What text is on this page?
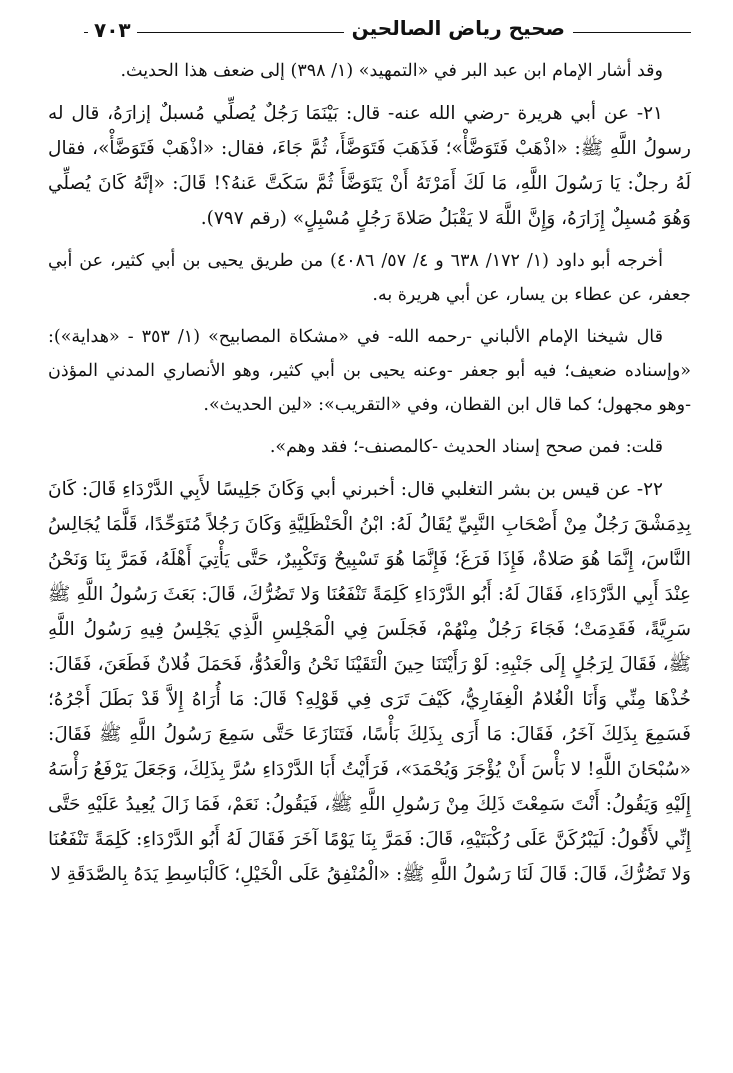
صحيح رياض الصالحين
٧٠٣

وقد أشار الإمام ابن عبد البر في «التمهيد» (١/ ٣٩٨) إلى ضعف هذا الحديث.

٢١- عن أبي هريرة -رضي الله عنه- قال: بَيْنَمَا رَجُلٌ يُصلِّي مُسبلٌ إزارَهُ، قال له رسولُ اللَّهِ ﷺ: «اذْهَبْ فَتَوَضَّأْ»؛ فَذَهَبَ فَتَوَضَّأَ، ثُمَّ جَاءَ، فقال: «اذْهَبْ فَتَوَضَّأْ»، فقال لَهُ رجلٌ: يَا رَسُولَ اللَّهِ، مَا لَكَ أَمَرْتَهُ أَنْ يَتَوَضَّأَ ثُمَّ سَكَتَّ عَنهُ؟! قَالَ: «إنَّهُ كَانَ يُصلِّي وَهُوَ مُسبِلٌ إِزَارَهُ، وَإِنَّ اللَّهَ لا يَقْبَلُ صَلاةَ رَجُلٍ مُسْبِلٍ» (رقم ٧٩٧).

أخرجه أبو داود (١/ ١٧٢/ ٦٣٨ و ٤/ ٥٧/ ٤٠٨٦) من طريق يحيى بن أبي كثير، عن أبي جعفر، عن عطاء بن يسار، عن أبي هريرة به.

قال شيخنا الإمام الألباني -رحمه الله- في «مشكاة المصابيح» (١/ ٣٥٣ - «هداية»): «وإسناده ضعيف؛ فيه أبو جعفر -وعنه يحيى بن أبي كثير، وهو الأنصاري المدني المؤذن -وهو مجهول؛ كما قال ابن القطان، وفي «التقريب»: «لين الحديث».

قلت: فمن صحح إسناد الحديث -كالمصنف-؛ فقد وهم».

٢٢- عن قيس بن بشر التغلبي قال: أخبرني أبي وَكَانَ جَلِيسًا لأَبِي الدَّرْدَاءِ قَالَ: كَانَ بِدِمَشْقَ رَجُلٌ مِنْ أَصْحَابِ النَّبِيِّ يُقَالُ لَهُ: ابْنُ الْحَنْظَلِيَّةِ وَكَانَ رَجُلاً مُتَوَحِّدًا، قَلَّمَا يُجَالِسُ النَّاسَ، إِنَّمَا هُوَ صَلاةٌ، فَإِذَا فَرَغَ؛ فَإِنَّمَا هُوَ تَسْبِيحٌ وَتَكْبِيرٌ، حَتَّى يَأْتِيَ أَهْلَهُ، فَمَرَّ بِنَا وَنَحْنُ عِنْدَ أَبِي الدَّرْدَاءِ، فَقَالَ لَهُ: أَبُو الدَّرْدَاءِ كَلِمَةً تَنْفَعُنَا وَلا تَضُرُّكَ، قَالَ: بَعَثَ رَسُولُ اللَّهِ ﷺ سَرِيَّةً، فَقَدِمَتْ؛ فَجَاءَ رَجُلٌ مِنْهُمْ، فَجَلَسَ فِي الْمَجْلِسِ الَّذِي يَجْلِسُ فِيهِ رَسُولُ اللَّهِ ﷺ، فَقَالَ لِرَجُلٍ إِلَى جَنْبِهِ: لَوْ رَأَيْتَنَا حِينَ الْتَقَيْنَا نَحْنُ وَالْعَدُوُّ، فَحَمَلَ فُلانٌ فَطَعَنَ، فَقَالَ: خُذْهَا مِنِّي وَأَنَا الْغُلامُ الْغِفَارِيُّ، كَيْفَ تَرَى فِي قَوْلِهِ؟ قَالَ: مَا أُرَاهُ إِلاَّ قَدْ بَطَلَ أَجْرُهُ؛ فَسَمِعَ بِذَلِكَ آخَرُ، فَقَالَ: مَا أَرَى بِذَلِكَ بَأْسًا، فَتَنَازَعَا حَتَّى سَمِعَ رَسُولُ اللَّهِ ﷺ فَقَالَ: «سُبْحَانَ اللَّهِ! لا بَأْسَ أَنْ يُؤْجَرَ وَيُحْمَدَ»، فَرَأَيْتُ أَبَا الدَّرْدَاءِ سُرَّ بِذَلِكَ، وَجَعَلَ يَرْفَعُ رَأْسَهُ إِلَيْهِ وَيَقُولُ: أَنْتَ سَمِعْتَ ذَلِكَ مِنْ رَسُولِ اللَّهِ ﷺ، فَيَقُولُ: نَعَمْ، فَمَا زَالَ يُعِيدُ عَلَيْهِ حَتَّى إِنِّي لأَقُولُ: لَيَبْرُكَنَّ عَلَى رُكْبَتَيْهِ، قَالَ: فَمَرَّ بِنَا يَوْمًا آخَرَ فَقَالَ لَهُ أَبُو الدَّرْدَاءِ: كَلِمَةً تَنْفَعُنَا وَلا تَضُرُّكَ، قَالَ: قَالَ لَنَا رَسُولُ اللَّهِ ﷺ: «الْمُنْفِقُ عَلَى الْخَيْلِ؛ كَالْبَاسِطِ يَدَهُ بِالصَّدَقَةِ لا
